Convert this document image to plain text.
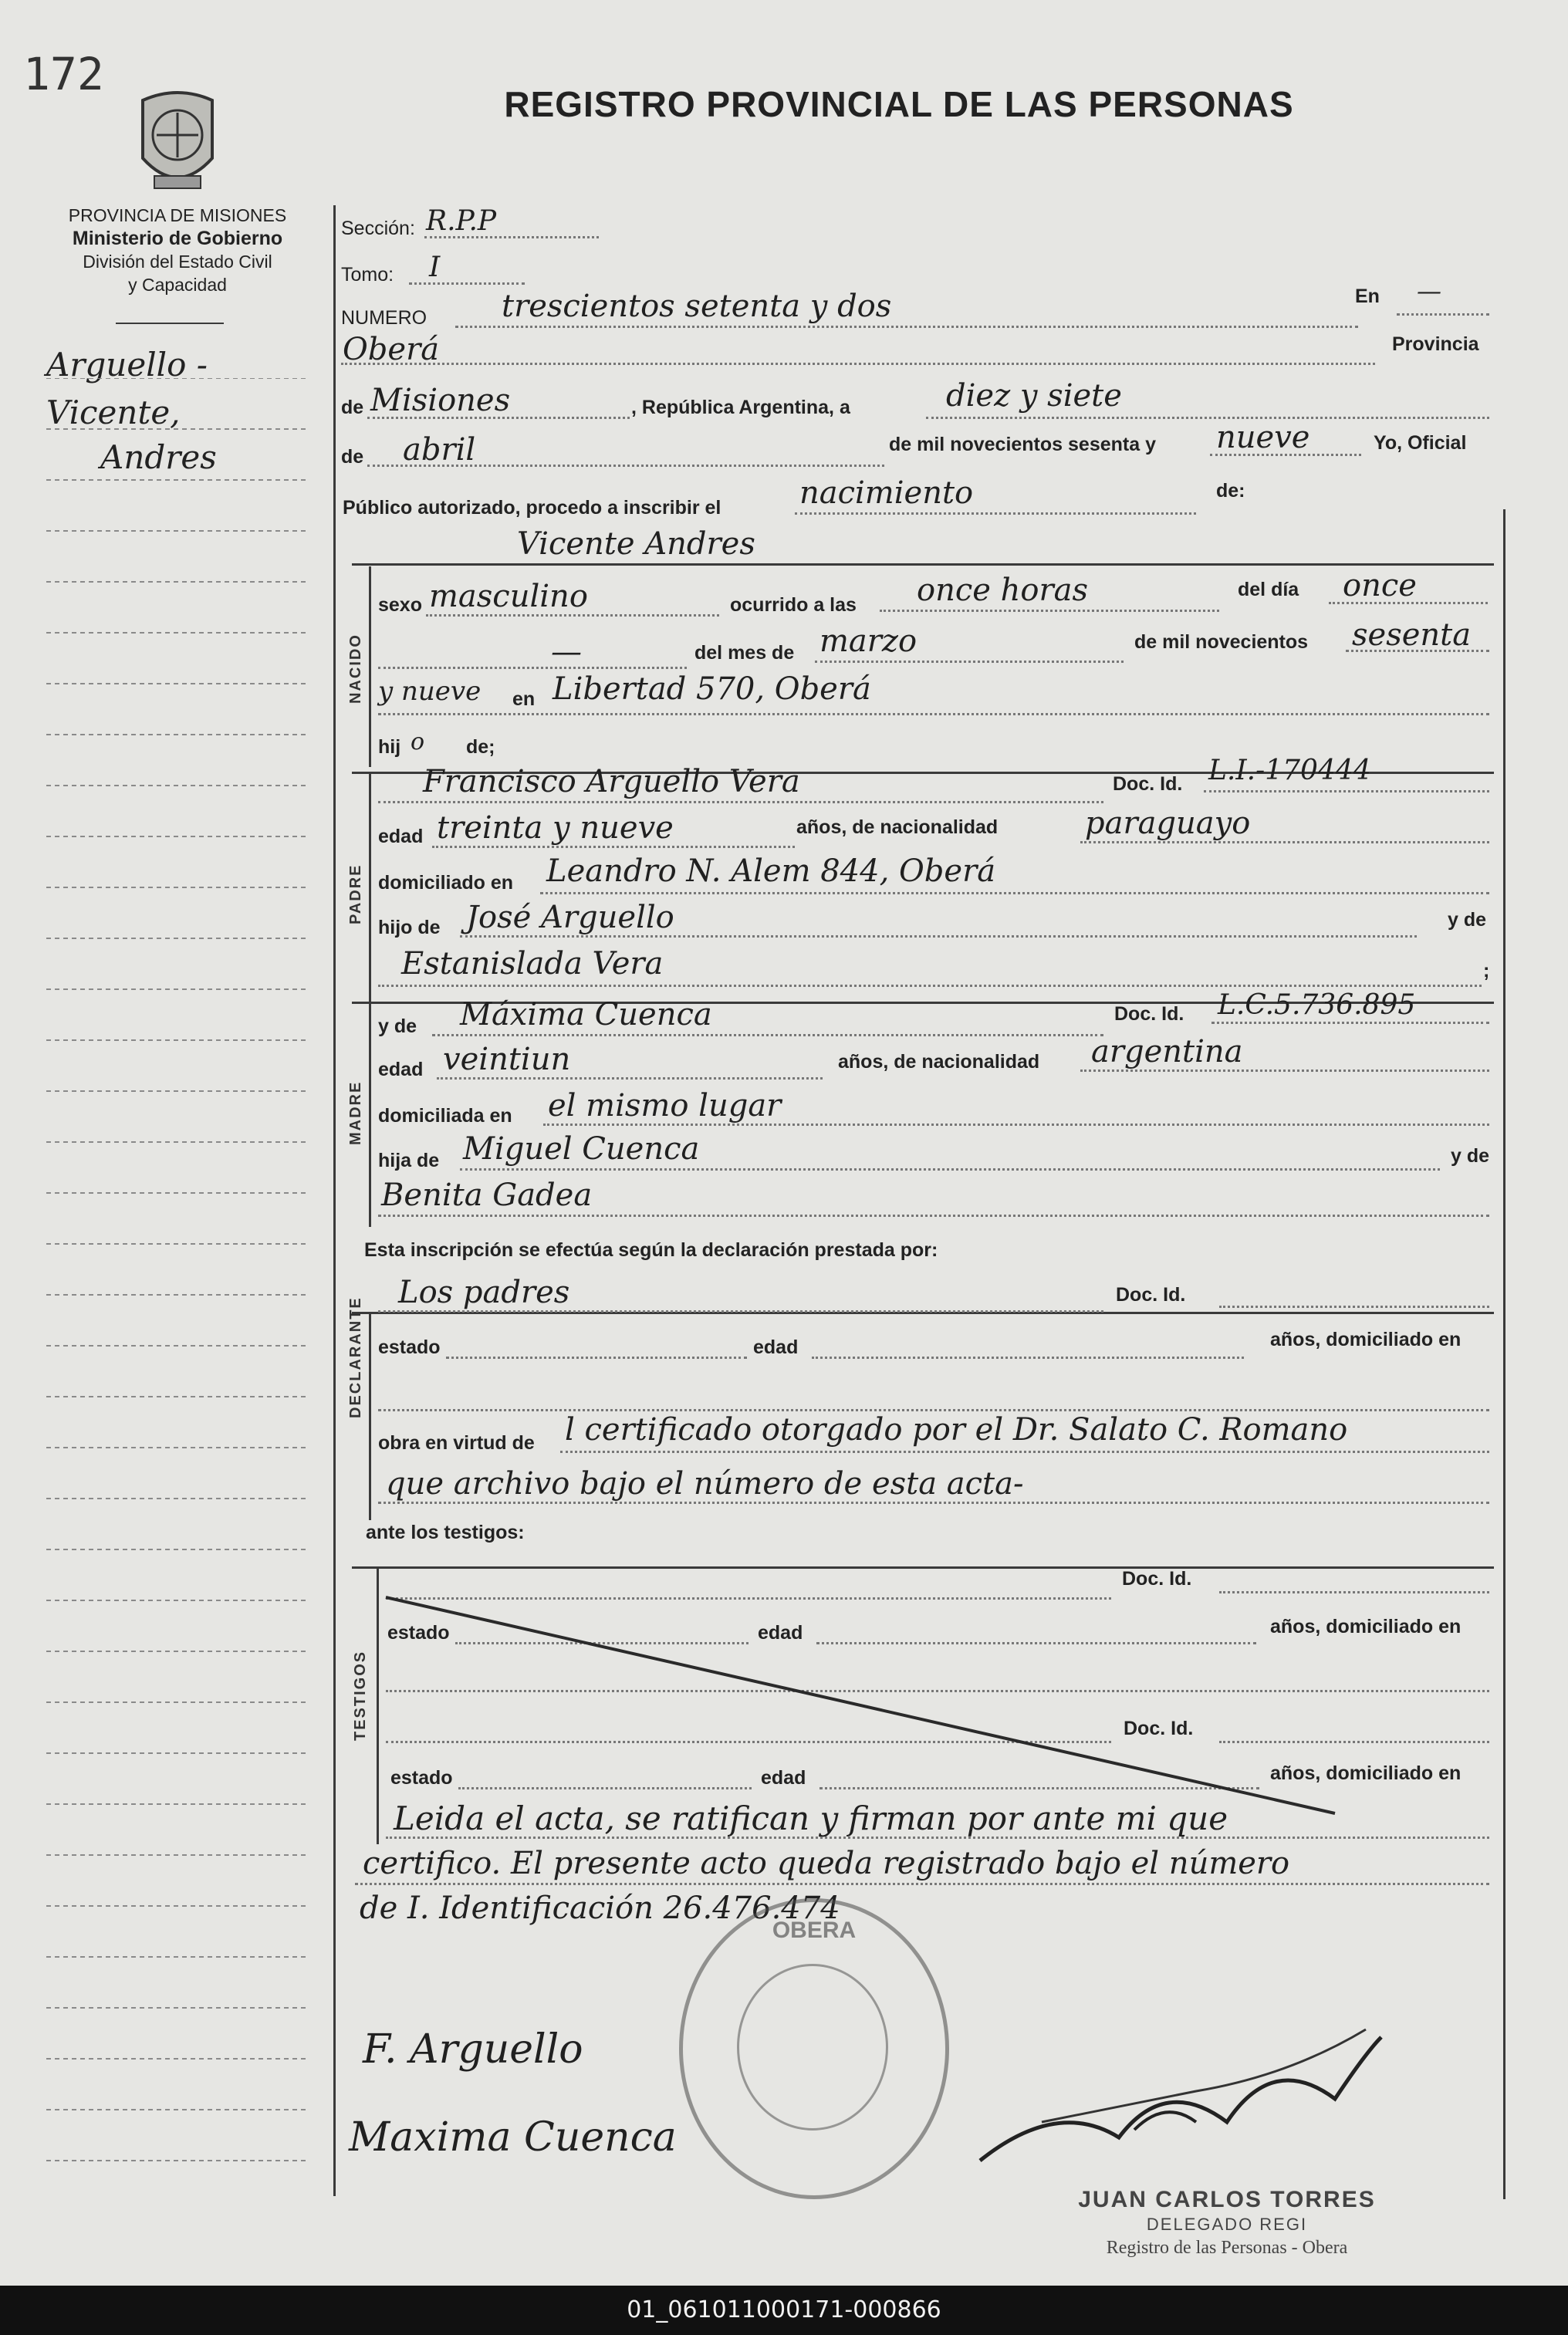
172
REGISTRO PROVINCIAL DE LAS PERSONAS
PROVINCIA DE MISIONES
Ministerio de Gobierno
División del Estado Civil
y Capacidad
Arguello -
Vicente,
Andres
Sección: R.P.P
Tomo: I
NUMERO trescientos setenta y dos	En —
Oberá	Provincia
de Misiones	, República Argentina, a	diez y siete
de abril	de mil novecientos sesenta y nueve	Yo, Oficial
Público autorizado, procedo a inscribir el	nacimiento	de:
NACIDO
Vicente Andres
sexo masculino	ocurrido a las once horas	del día once
—	del mes de marzo	de mil novecientos sesenta
y nueve en Libertad 570, Oberá
hij o de;
PADRE
Francisco Arguello Vera	Doc. Id. L.I.-170444
edad treinta y nueve	años, de nacionalidad	paraguayo
domiciliado en Leandro N. Alem 844, Oberá
hijo de José Arguello	y de
Estanislada Vera	;
MADRE
y de Máxima Cuenca	Doc. Id. L.C.5.736.895
edad veintiun	años, de nacionalidad argentina
domiciliada en el mismo lugar
hija de Miguel Cuenca	y de
Benita Gadea
Esta inscripción se efectúa según la declaración prestada por:
DECLARANTE
Los padres	Doc. Id.
estado	edad	años, domiciliado en
obra en virtud de l certificado otorgado por el Dr. Salato C. Romano
que archivo bajo el número de esta acta-
ante los testigos:
TESTIGOS
Doc. Id.
estado	edad	años, domiciliado en
Doc. Id.
estado	edad	años, domiciliado en
Leida el acta, se ratifican y firman por ante mi que
certifico. El presente acto queda registrado bajo el número
de I. Identificación 26.476.474
OBERA
F. Arguello
Maxima Cuenca
JUAN CARLOS TORRES
DELEGADO REGI
Registro de las Personas - Obera
01_061011000171-000866
